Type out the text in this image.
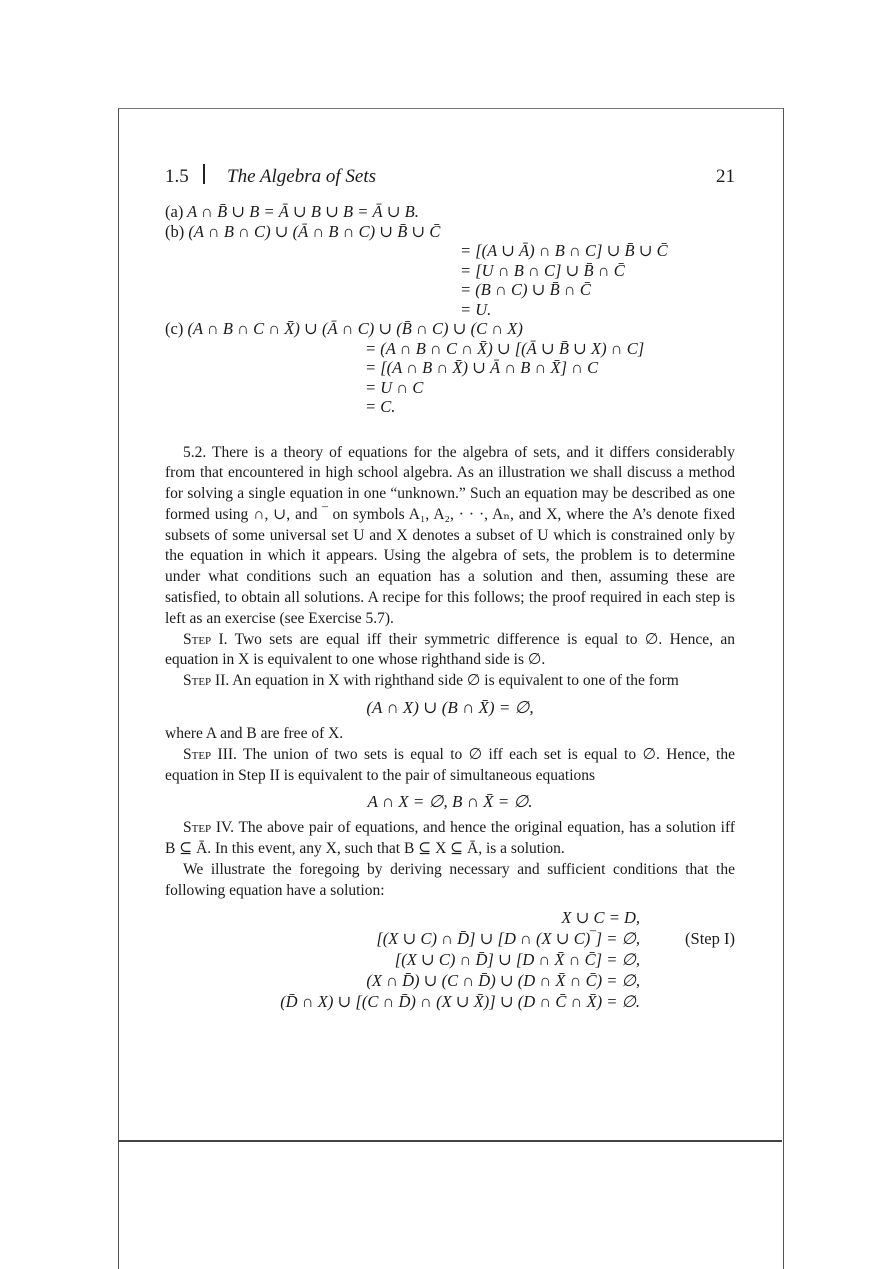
1.5 The Algebra of Sets	21
(a) A ∩ B̄ ∪ B = Ā ∪ B ∪ B = Ā ∪ B.
(b) (A ∩ B ∩ C) ∪ (Ā ∩ B ∩ C) ∪ B̄ ∪ C̄
= [(A ∪ Ā) ∩ B ∩ C] ∪ B̄ ∪ C̄
= [U ∩ B ∩ C] ∪ B̄ ∩ C̄
= (B ∩ C) ∪ B̄ ∩ C̄
= U.
(c) (A ∩ B ∩ C ∩ X̄) ∪ (Ā ∩ C) ∪ (B̄ ∩ C) ∪ (C ∩ X)
= (A ∩ B ∩ C ∩ X̄) ∪ [(Ā ∪ B̄ ∪ X) ∩ C]
= [(A ∩ B ∩ X̄) ∪ Ā ∩ B ∩ X̄] ∩ C
= U ∩ C
= C.

5.2. There is a theory of equations for the algebra of sets, and it differs considerably from that encountered in high school algebra. As an illustration we shall discuss a method for solving a single equation in one “unknown.” Such an equation may be described as one formed using ∩, ∪, and ‾ on symbols A₁, A₂, · · ·, Aₙ, and X, where the A’s denote fixed subsets of some universal set U and X denotes a subset of U which is constrained only by the equation in which it appears. Using the algebra of sets, the problem is to determine under what conditions such an equation has a solution and then, assuming these are satisfied, to obtain all solutions. A recipe for this follows; the proof required in each step is left as an exercise (see Exercise 5.7).

Step I. Two sets are equal iff their symmetric difference is equal to ∅. Hence, an equation in X is equivalent to one whose righthand side is ∅.

Step II. An equation in X with righthand side ∅ is equivalent to one of the form

(A ∩ X) ∪ (B ∩ X̄) = ∅,

where A and B are free of X.

Step III. The union of two sets is equal to ∅ iff each set is equal to ∅. Hence, the equation in Step II is equivalent to the pair of simultaneous equations

A ∩ X = ∅, B ∩ X̄ = ∅.

Step IV. The above pair of equations, and hence the original equation, has a solution iff B ⊆ Ā. In this event, any X, such that B ⊆ X ⊆ Ā, is a solution.

We illustrate the foregoing by deriving necessary and sufficient conditions that the following equation have a solution:

X ∪ C = D,
[(X ∪ C) ∩ D̄] ∪ [D ∩ (X ∪ C)‾] = ∅,	(Step I)
[(X ∪ C) ∩ D̄] ∪ [D ∩ X̄ ∩ C̄] = ∅,
(X ∩ D̄) ∪ (C ∩ D̄) ∪ (D ∩ X̄ ∩ C̄) = ∅,
(D̄ ∩ X) ∪ [(C ∩ D̄) ∩ (X ∪ X̄)] ∪ (D ∩ C̄ ∩ X̄) = ∅.
